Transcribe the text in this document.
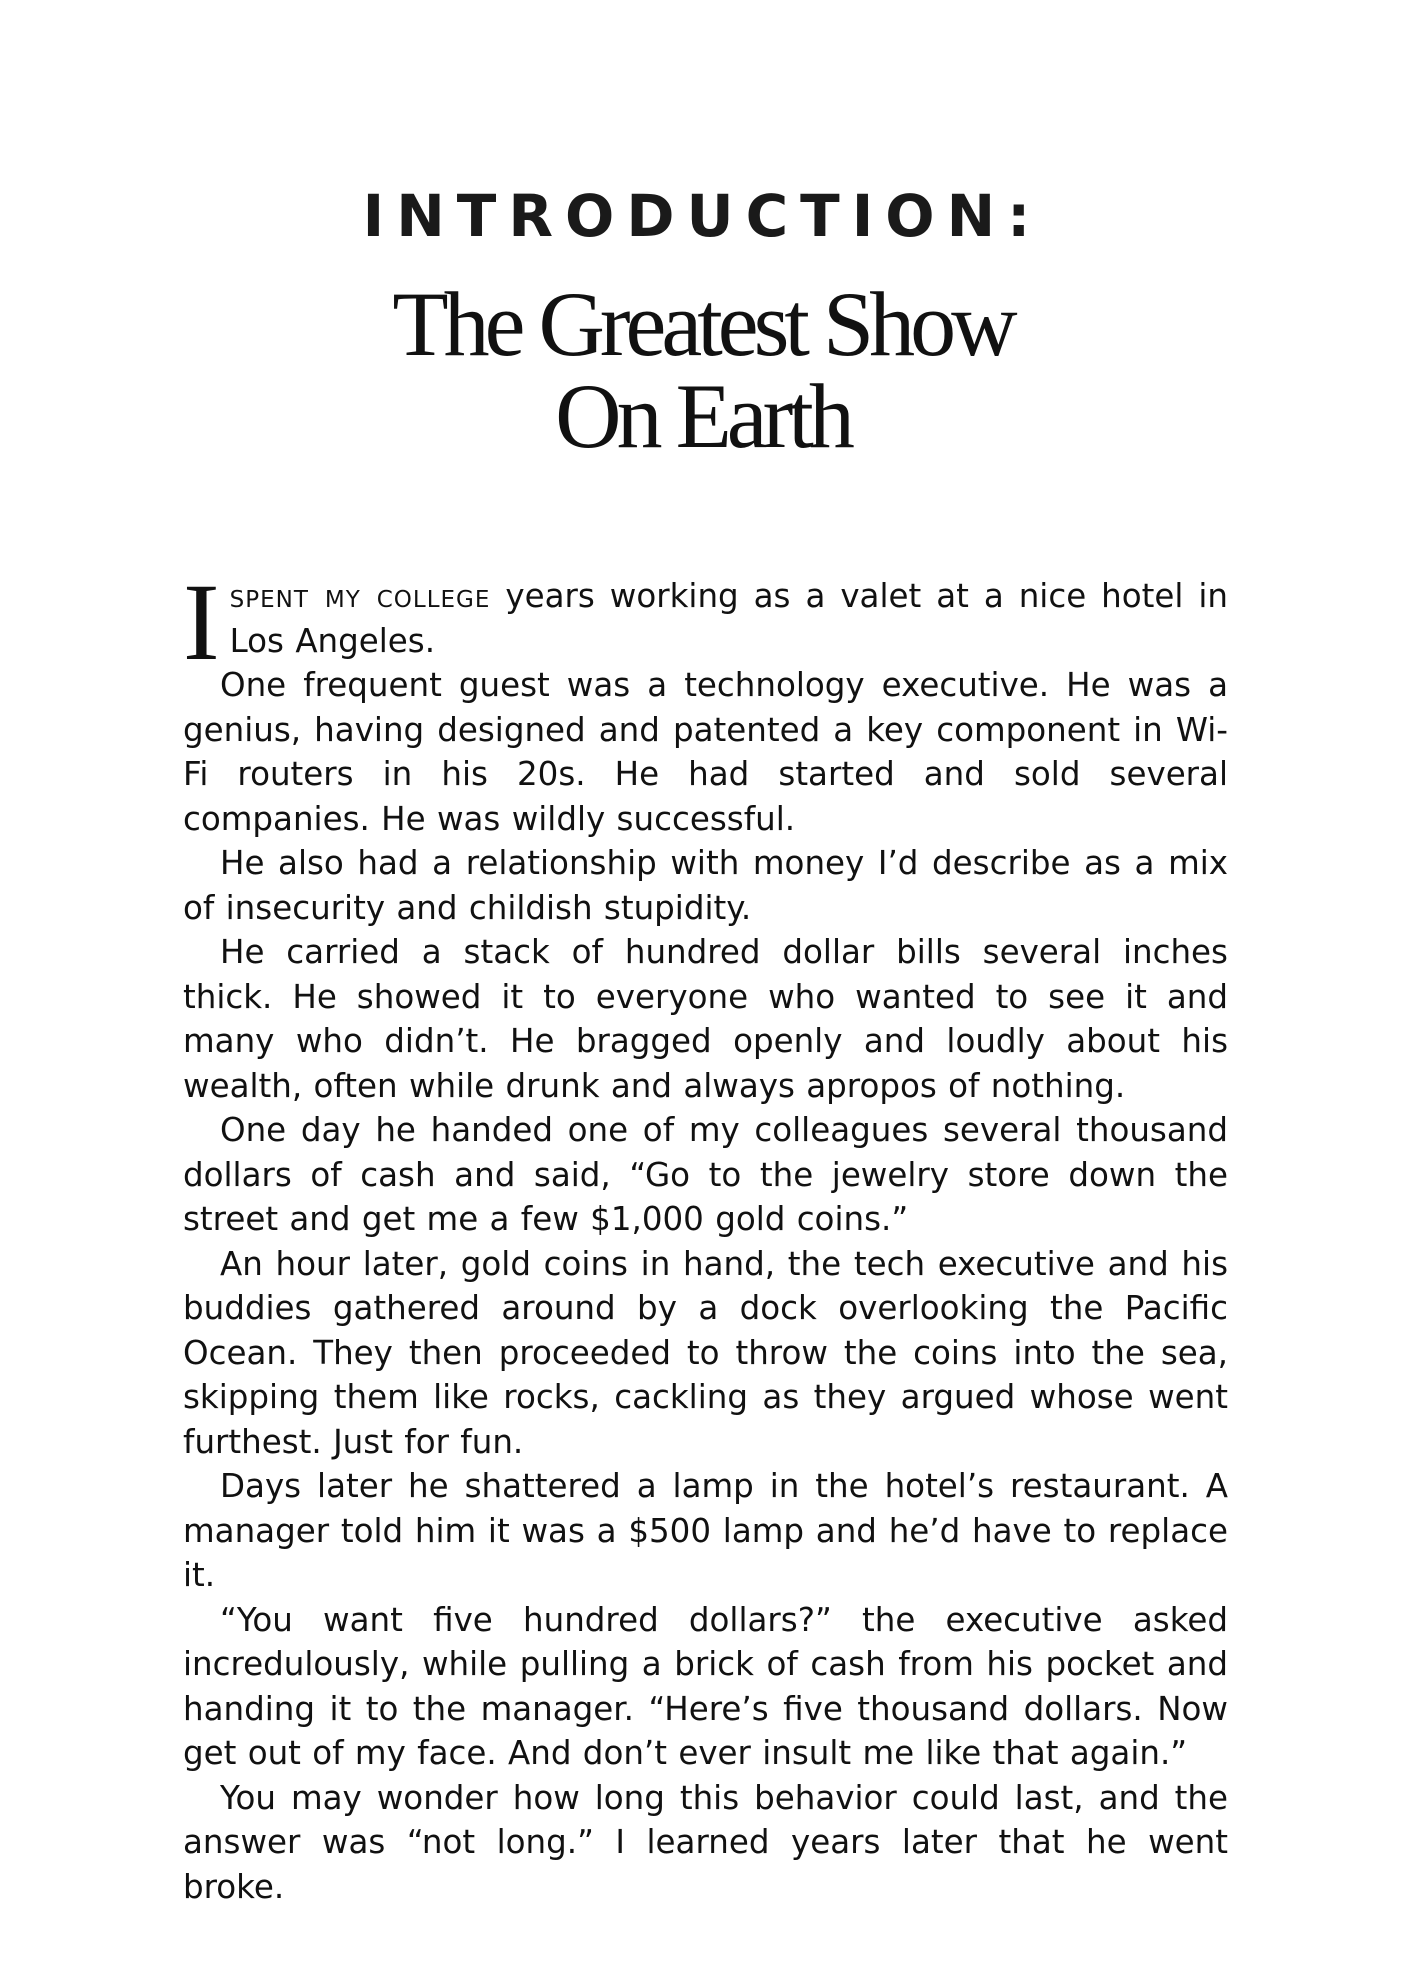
INTRODUCTION:
The Greatest Show
On Earth

Ispent my college years working as a valet at a nice hotel in Los Angeles.

One frequent guest was a technology executive. He was a genius, having designed and patented a key component in Wi-Fi routers in his 20s. He had started and sold several companies. He was wildly successful.

He also had a relationship with money I’d describe as a mix of insecurity and childish stupidity.

He carried a stack of hundred dollar bills several inches thick. He showed it to everyone who wanted to see it and many who didn’t. He bragged openly and loudly about his wealth, often while drunk and always apropos of nothing.

One day he handed one of my colleagues several thousand dollars of cash and said, “Go to the jewelry store down the street and get me a few $1,000 gold coins.”

An hour later, gold coins in hand, the tech executive and his buddies gathered around by a dock overlooking the Pacific Ocean. They then proceeded to throw the coins into the sea, skipping them like rocks, cackling as they argued whose went furthest. Just for fun.

Days later he shattered a lamp in the hotel’s restaurant. A manager told him it was a $500 lamp and he’d have to replace it.

“You want five hundred dollars?” the executive asked incredulously, while pulling a brick of cash from his pocket and handing it to the manager. “Here’s five thousand dollars. Now get out of my face. And don’t ever insult me like that again.”

You may wonder how long this behavior could last, and the answer was “not long.” I learned years later that he went broke.
